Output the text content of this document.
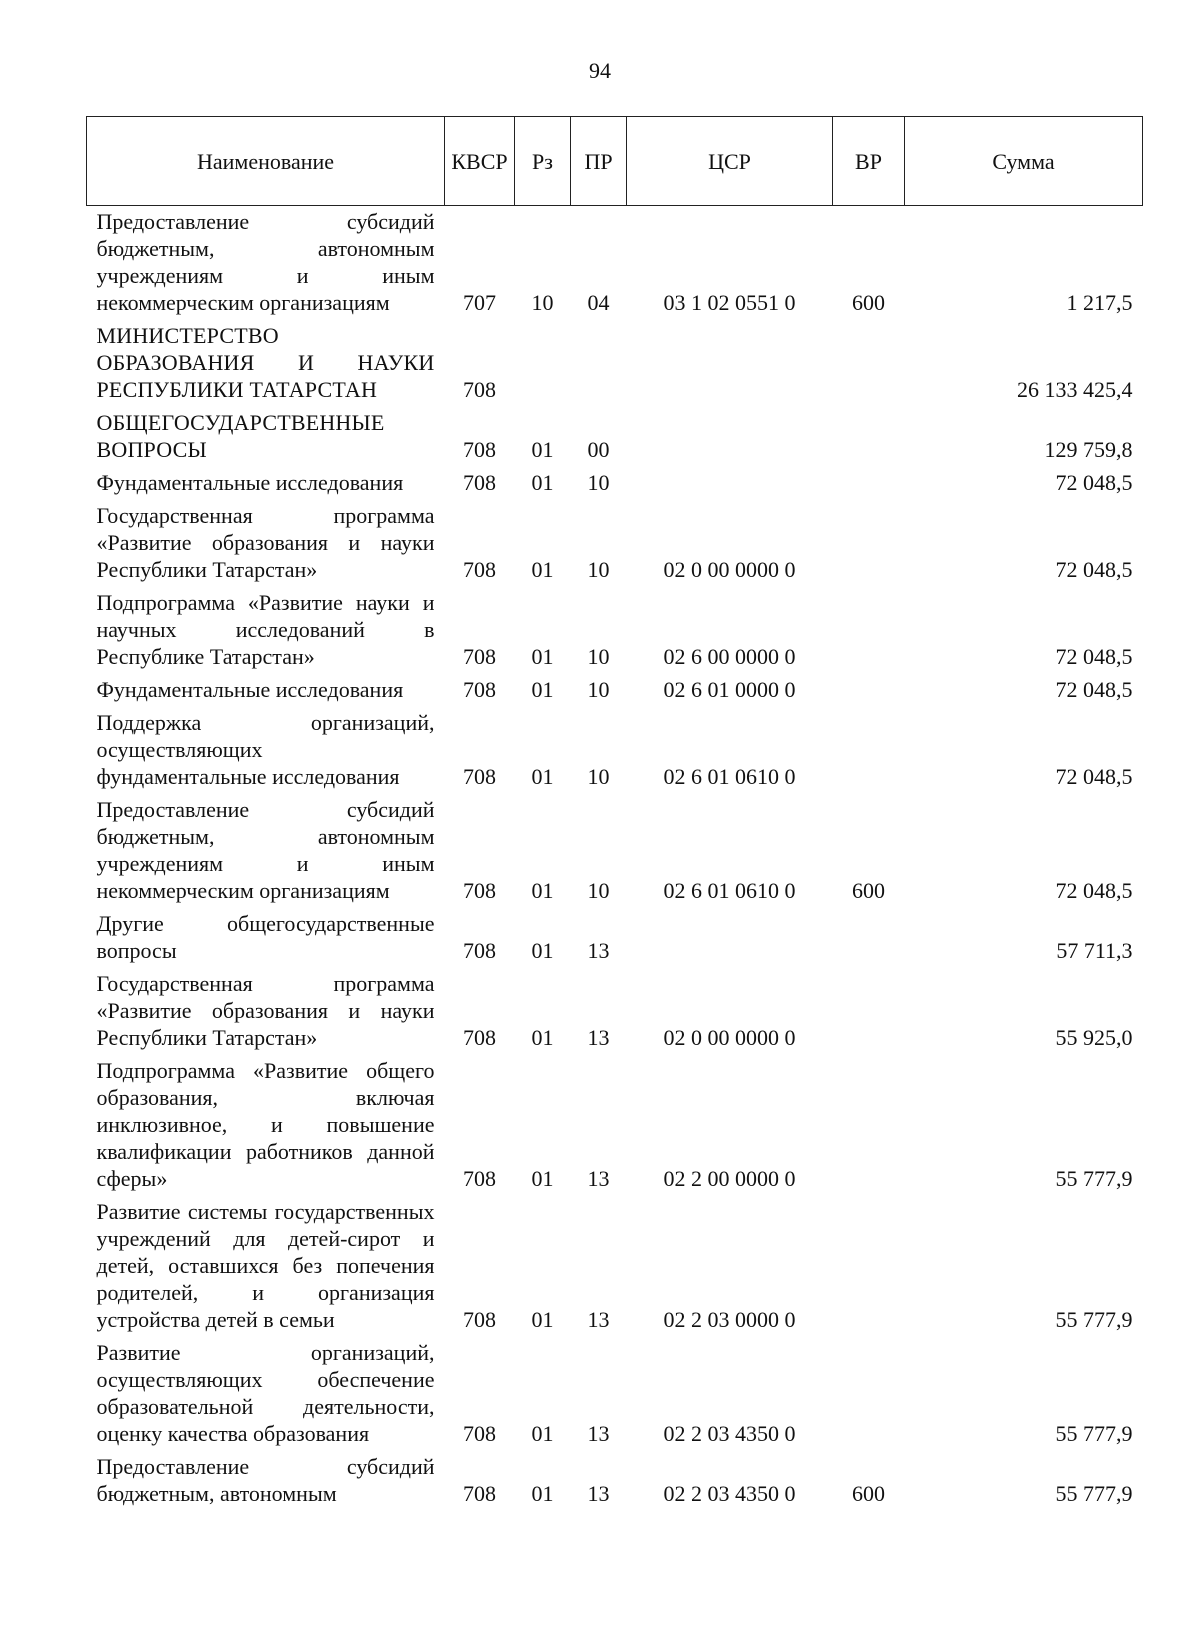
94
Наименование	КВСР	Рз	ПР	ЦСР	ВР	Сумма
Предоставление субсидий бюджетным, автономным учреждениям и иным некоммерческим организациям	707	10	04	03 1 02 0551 0	600	1 217,5
МИНИСТЕРСТВО ОБРАЗОВАНИЯ И НАУКИ РЕСПУБЛИКИ ТАТАРСТАН	708					26 133 425,4
ОБЩЕГОСУДАРСТВЕННЫЕ ВОПРОСЫ	708	01	00			129 759,8
Фундаментальные исследования	708	01	10			72 048,5
Государственная программа «Развитие образования и науки Республики Татарстан»	708	01	10	02 0 00 0000 0		72 048,5
Подпрограмма «Развитие науки и научных исследований в Республике Татарстан»	708	01	10	02 6 00 0000 0		72 048,5
Фундаментальные исследования	708	01	10	02 6 01 0000 0		72 048,5
Поддержка организаций, осуществляющих фундаментальные исследования	708	01	10	02 6 01 0610 0		72 048,5
Предоставление субсидий бюджетным, автономным учреждениям и иным некоммерческим организациям	708	01	10	02 6 01 0610 0	600	72 048,5
Другие общегосударственные вопросы	708	01	13			57 711,3
Государственная программа «Развитие образования и науки Республики Татарстан»	708	01	13	02 0 00 0000 0		55 925,0
Подпрограмма «Развитие общего образования, включая инклюзивное, и повышение квалификации работников данной сферы»	708	01	13	02 2 00 0000 0		55 777,9
Развитие системы государственных учреждений для детей-сирот и детей, оставшихся без попечения родителей, и организация устройства детей в семьи	708	01	13	02 2 03 0000 0		55 777,9
Развитие организаций, осуществляющих обеспечение образовательной деятельности, оценку качества образования	708	01	13	02 2 03 4350 0		55 777,9
Предоставление субсидий бюджетным, автономным	708	01	13	02 2 03 4350 0	600	55 777,9
